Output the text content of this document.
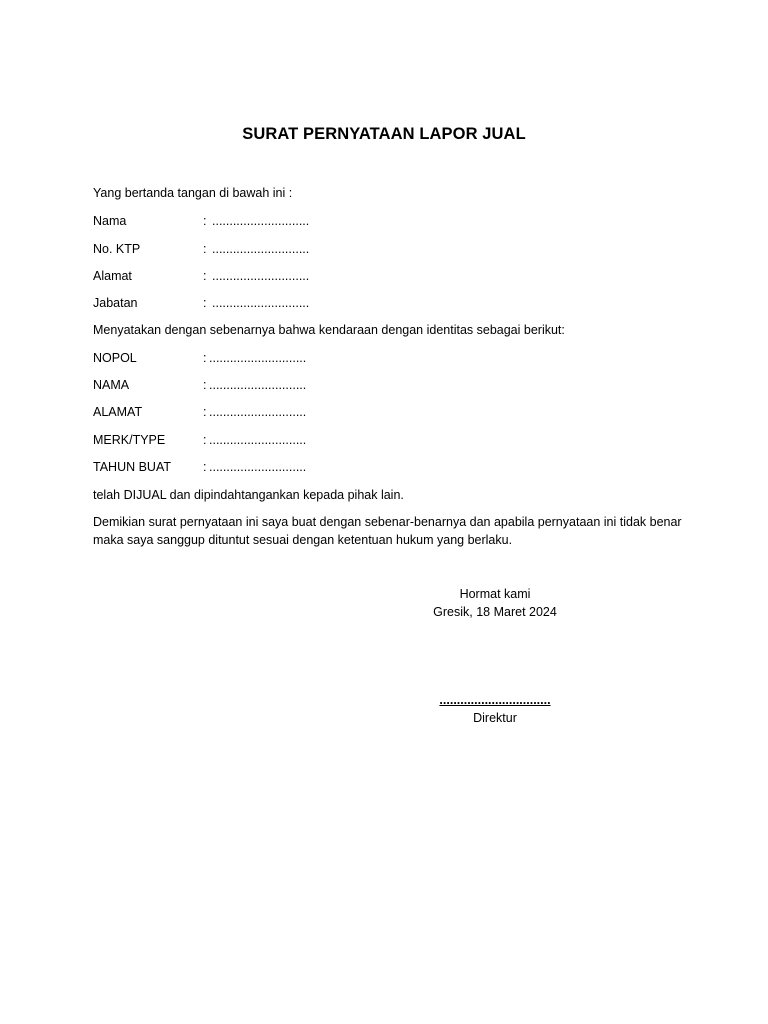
SURAT PERNYATAAN LAPOR JUAL
Yang bertanda tangan di bawah ini :
Nama	: ............................
No. KTP	: ............................
Alamat	: ............................
Jabatan	: ............................
Menyatakan dengan sebenarnya bahwa kendaraan dengan identitas sebagai berikut:
NOPOL	: ............................
NAMA	: ............................
ALAMAT	: ............................
MERK/TYPE	: ............................
TAHUN BUAT	: ............................
telah DIJUAL dan dipindahtangankan kepada pihak lain.
Demikian surat pernyataan ini saya buat dengan sebenar-benarnya dan apabila pernyataan ini tidak benar maka saya sanggup dituntut sesuai dengan ketentuan hukum yang berlaku.
Hormat kami
Gresik, 18 Maret 2024
................................
Direktur
